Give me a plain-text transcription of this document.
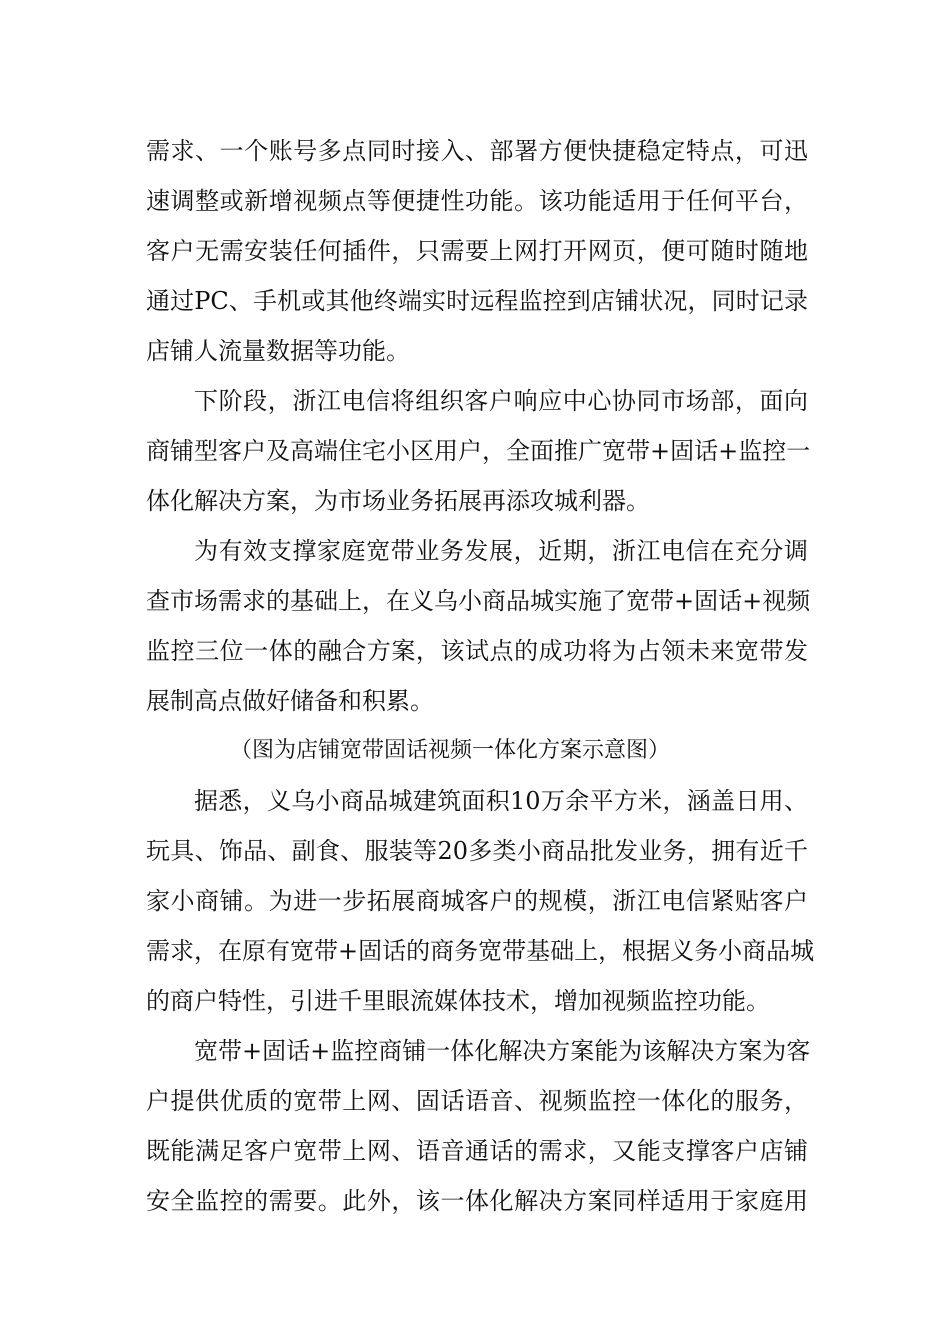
需求、一个账号多点同时接入、部署方便快捷稳定特点，可迅
速调整或新增视频点等便捷性功能。该功能适用于任何平台，
客户无需安装任何插件，只需要上网打开网页，便可随时随地
通过PC、手机或其他终端实时远程监控到店铺状况，同时记录
店铺人流量数据等功能。
下阶段，浙江电信将组织客户响应中心协同市场部，面向
商铺型客户及高端住宅小区用户，全面推广宽带+固话+监控一
体化解决方案，为市场业务拓展再添攻城利器。
为有效支撑家庭宽带业务发展，近期，浙江电信在充分调
查市场需求的基础上，在义乌小商品城实施了宽带+固话+视频
监控三位一体的融合方案，该试点的成功将为占领未来宽带发
展制高点做好储备和积累。
（图为店铺宽带固话视频一体化方案示意图）
据悉，义乌小商品城建筑面积10万余平方米，涵盖日用、
玩具、饰品、副食、服装等20多类小商品批发业务，拥有近千
家小商铺。为进一步拓展商城客户的规模，浙江电信紧贴客户
需求，在原有宽带+固话的商务宽带基础上，根据义务小商品城
的商户特性，引进千里眼流媒体技术，增加视频监控功能。
宽带+固话+监控商铺一体化解决方案能为该解决方案为客
户提供优质的宽带上网、固话语音、视频监控一体化的服务，
既能满足客户宽带上网、语音通话的需求，又能支撑客户店铺
安全监控的需要。此外，该一体化解决方案同样适用于家庭用
